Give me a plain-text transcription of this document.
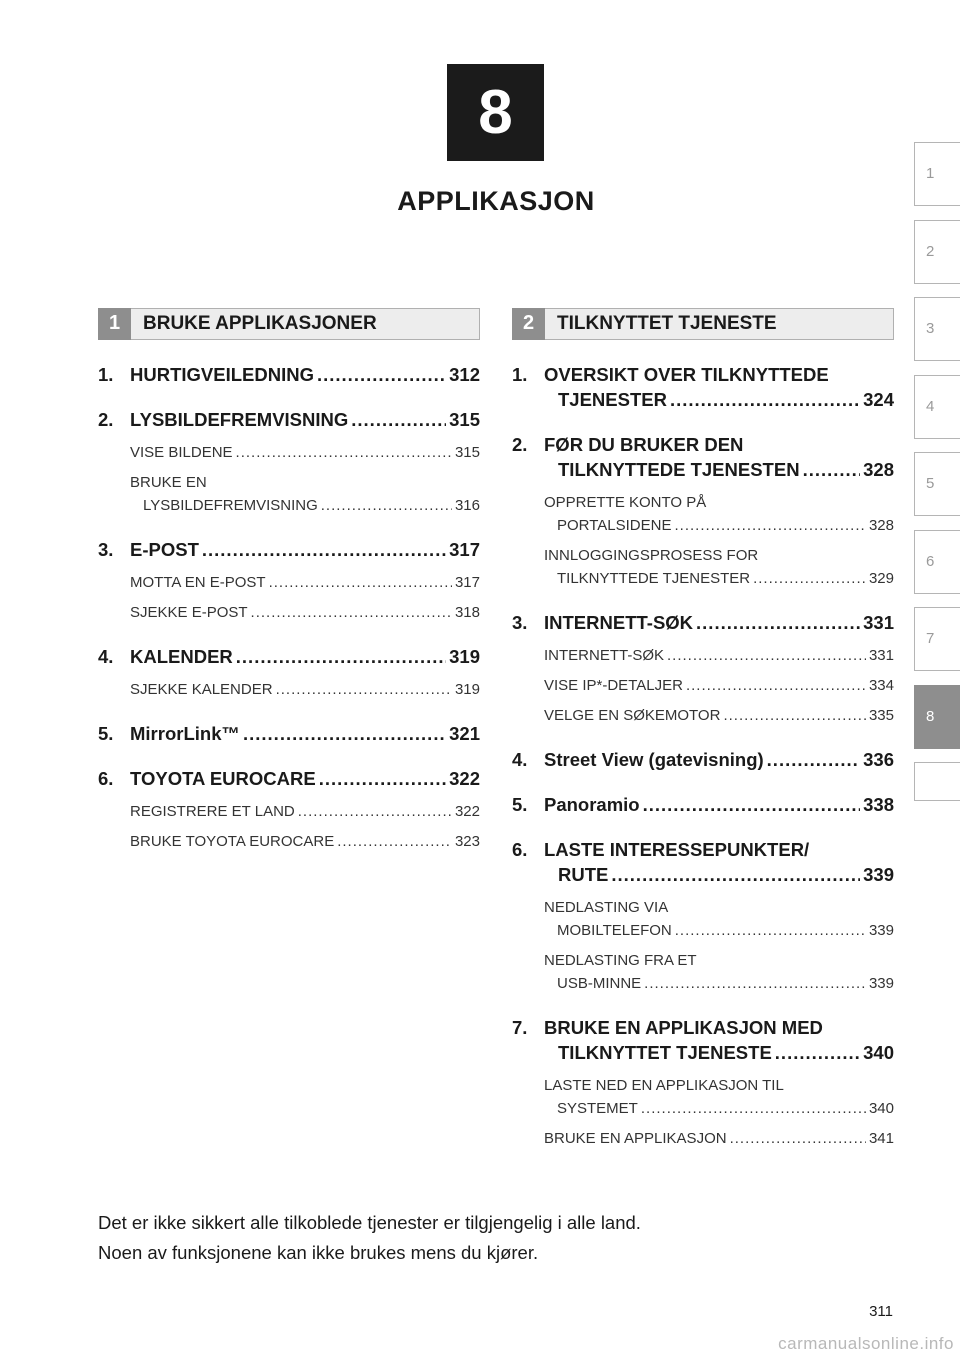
8
APPLIKASJON
1
2
3
4
5
6
7
8
1	BRUKE APPLIKASJONER	2	TILKNYTTET TJENESTE
1. HURTIGVEILEDNING .....	312
2. LYSBILDEFREMVISNING .....	315
VISE BILDENE .....	315
BRUKE EN
LYSBILDEFREMVISNING .....	316
3. E-POST .....	317
MOTTA EN E-POST .....	317
SJEKKE E-POST .....	318
4. KALENDER .....	319
SJEKKE KALENDER .....	319
5. MirrorLink™ .....	321
6. TOYOTA EUROCARE .....	322
REGISTRERE ET LAND .....	322
BRUKE TOYOTA EUROCARE .....	323
1. OVERSIKT OVER TILKNYTTEDE
TJENESTER .....	324
2. FØR DU BRUKER DEN
TILKNYTTEDE TJENESTEN .....	328
OPPRETTE KONTO PÅ
PORTALSIDENE .....	328
INNLOGGINGSPROSESS FOR
TILKNYTTEDE TJENESTER .....	329
3. INTERNETT-SØK .....	331
INTERNETT-SØK .....	331
VISE IP*-DETALJER .....	334
VELGE EN SØKEMOTOR .....	335
4. Street View (gatevisning) .....	336
5. Panoramio .....	338
6. LASTE INTERESSEPUNKTER/
RUTE .....	339
NEDLASTING VIA
MOBILTELEFON .....	339
NEDLASTING FRA ET
USB-MINNE .....	339
7. BRUKE EN APPLIKASJON MED
TILKNYTTET TJENESTE .....	340
LASTE NED EN APPLIKASJON TIL
SYSTEMET .....	340
BRUKE EN APPLIKASJON .....	341
Det er ikke sikkert alle tilkoblede tjenester er tilgjengelig i alle land.
Noen av funksjonene kan ikke brukes mens du kjører.
311
carmanualsonline.info
